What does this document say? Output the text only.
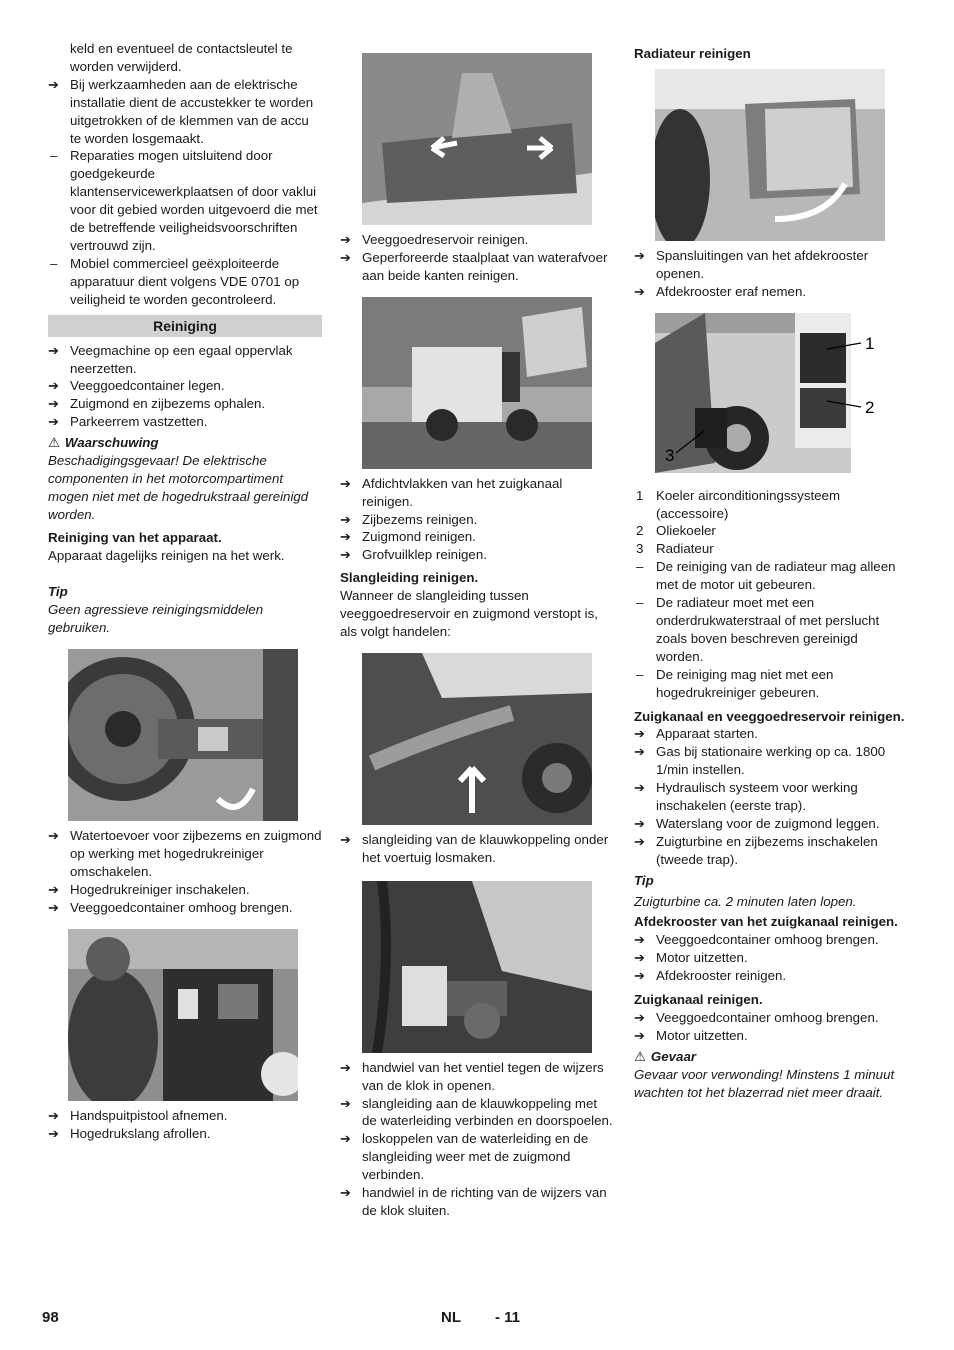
keld en eventueel de contactsleutel te worden verwijderd.

➔ Bij werkzaamheden aan de elektrische installatie dient de accustekker te worden uitgetrokken of de klemmen van de accu te worden losgemaakt.
– Reparaties mogen uitsluitend door goedgekeurde klantenservicewerkplaatsen of door vaklui voor dit gebied worden uitgevoerd die met de betreffende veiligheidsvoorschriften vertrouwd zijn.
– Mobiel commercieel geëxploiteerde apparatuur dient volgens VDE 0701 op veiligheid te worden gecontroleerd.
Reiniging
➔ Veegmachine op een egaal oppervlak neerzetten.
➔ Veeggoedcontainer legen.
➔ Zuigmond en zijbezems ophalen.
➔ Parkeerrem vastzetten.

⚠ Waarschuwing

Beschadigingsgevaar! De elektrische componenten in het motorcompartiment mogen niet met de hogedrukstraal gereinigd worden.

Reiniging van het apparaat.

Apparaat dagelijks reinigen na het werk.

Tip

Geen agressieve reinigingsmiddelen gebruiken.

➔ Watertoevoer voor zijbezems en zuigmond op werking met hogedrukreiniger omschakelen.
➔ Hogedrukreiniger inschakelen.
➔ Veeggoedcontainer omhoog brengen.
➔ Handspuitpistool afnemen.
➔ Hogedrukslang afrollen.
➔ Veeggoedreservoir reinigen.
➔ Geperforeerde staalplaat van waterafvoer aan beide kanten reinigen.
➔ Afdichtvlakken van het zuigkanaal reinigen.
➔ Zijbezems reinigen.
➔ Zuigmond reinigen.
➔ Grofvuilklep reinigen.

Slangleiding reinigen.

Wanneer de slangleiding tussen veeggoedreservoir en zuigmond verstopt is, als volgt handelen:

➔ slangleiding van de klauwkoppeling onder het voertuig losmaken.
➔ handwiel van het ventiel tegen de wijzers van de klok in openen.
➔ slangleiding aan de klauwkoppeling met de waterleiding verbinden en doorspoelen.
➔ loskoppelen van de waterleiding en de slangleiding weer met de zuigmond verbinden.
➔ handwiel in de richting van de wijzers van de klok sluiten.

Radiateur reinigen

➔ Spansluitingen van het afdekrooster openen.
➔ Afdekrooster eraf nemen.
1
2
3
1 Koeler airconditioningssysteem (accessoire)
2 Oliekoeler
3 Radiateur
– De reiniging van de radiateur mag alleen met de motor uit gebeuren.
– De radiateur moet met een onderdrukwaterstraal of met perslucht zoals boven beschreven gereinigd worden.
– De reiniging mag niet met een hogedrukreiniger gebeuren.

Zuigkanaal en veeggoedreservoir reinigen.

➔ Apparaat starten.
➔ Gas bij stationaire werking op ca. 1800 1/min instellen.
➔ Hydraulisch systeem voor werking inschakelen (eerste trap).
➔ Waterslang voor de zuigmond leggen.
➔ Zuigturbine en zijbezems inschakelen (tweede trap).

Tip

Zuigturbine ca. 2 minuten laten lopen.

Afdekrooster van het zuigkanaal reinigen.

➔ Veeggoedcontainer omhoog brengen.
➔ Motor uitzetten.
➔ Afdekrooster reinigen.

Zuigkanaal reinigen.

➔ Veeggoedcontainer omhoog brengen.
➔ Motor uitzetten.

⚠ Gevaar

Gevaar voor verwonding! Minstens 1 minuut wachten tot het blazerrad niet meer draait.

98	NL - 11
